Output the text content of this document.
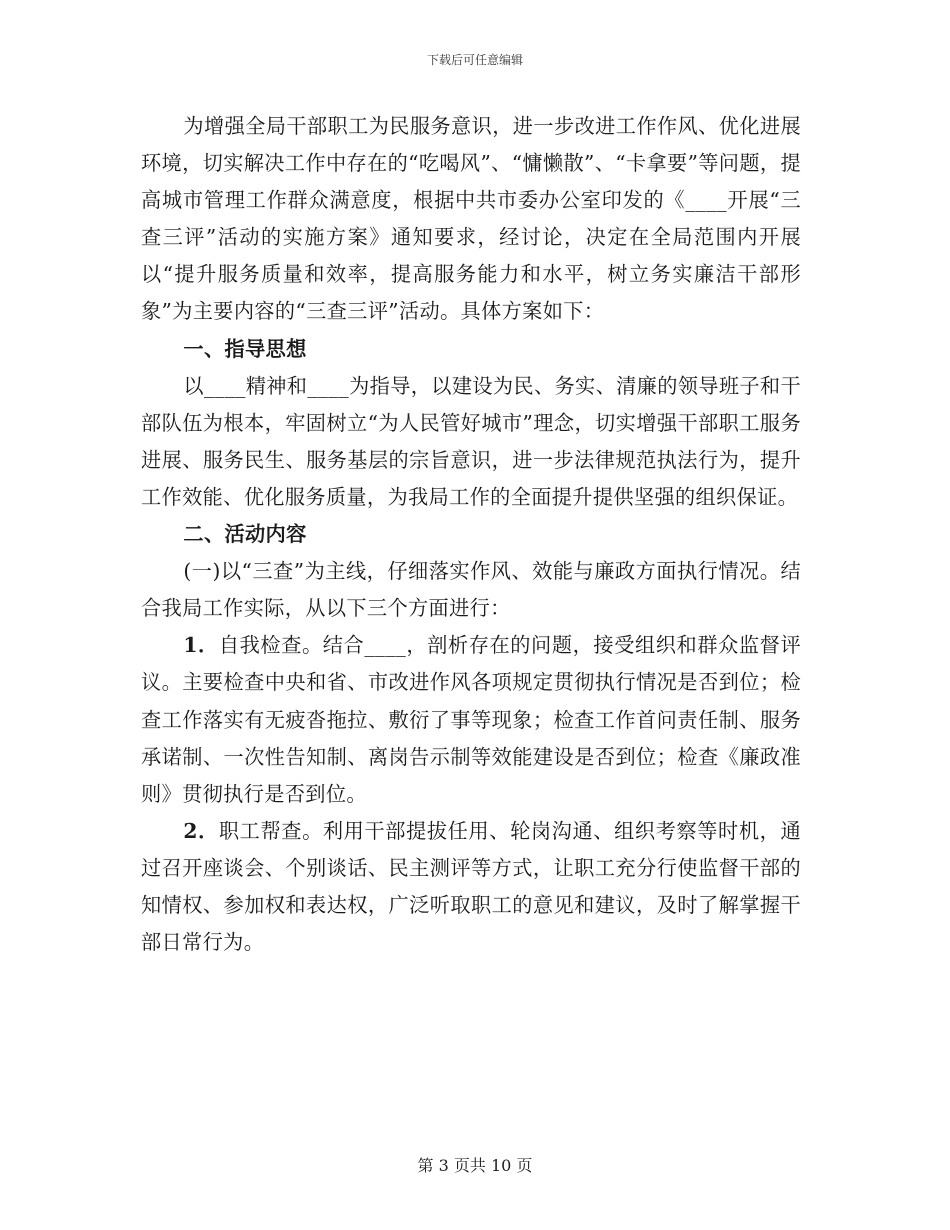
下载后可任意编辑

为增强全局干部职工为民服务意识，进一步改进工作作风、优化进展环境，切实解决工作中存在的“吃喝风”、“慵懒散”、“卡拿要”等问题，提高城市管理工作群众满意度，根据中共市委办公室印发的《____开展“三查三评”活动的实施方案》通知要求，经讨论，决定在全局范围内开展以“提升服务质量和效率，提高服务能力和水平，树立务实廉洁干部形象”为主要内容的“三查三评”活动。具体方案如下：

一、指导思想

以____精神和____为指导，以建设为民、务实、清廉的领导班子和干部队伍为根本，牢固树立“为人民管好城市”理念，切实增强干部职工服务进展、服务民生、服务基层的宗旨意识，进一步法律规范执法行为，提升工作效能、优化服务质量，为我局工作的全面提升提供坚强的组织保证。

二、活动内容

(一)以“三查”为主线，仔细落实作风、效能与廉政方面执行情况。结合我局工作实际，从以下三个方面进行：

1．自我检查。结合____，剖析存在的问题，接受组织和群众监督评议。主要检查中央和省、市改进作风各项规定贯彻执行情况是否到位；检查工作落实有无疲沓拖拉、敷衍了事等现象；检查工作首问责任制、服务承诺制、一次性告知制、离岗告示制等效能建设是否到位；检查《廉政准则》贯彻执行是否到位。

2．职工帮查。利用干部提拔任用、轮岗沟通、组织考察等时机，通过召开座谈会、个别谈话、民主测评等方式，让职工充分行使监督干部的知情权、参加权和表达权，广泛听取职工的意见和建议，及时了解掌握干部日常行为。

第 3 页共 10 页
